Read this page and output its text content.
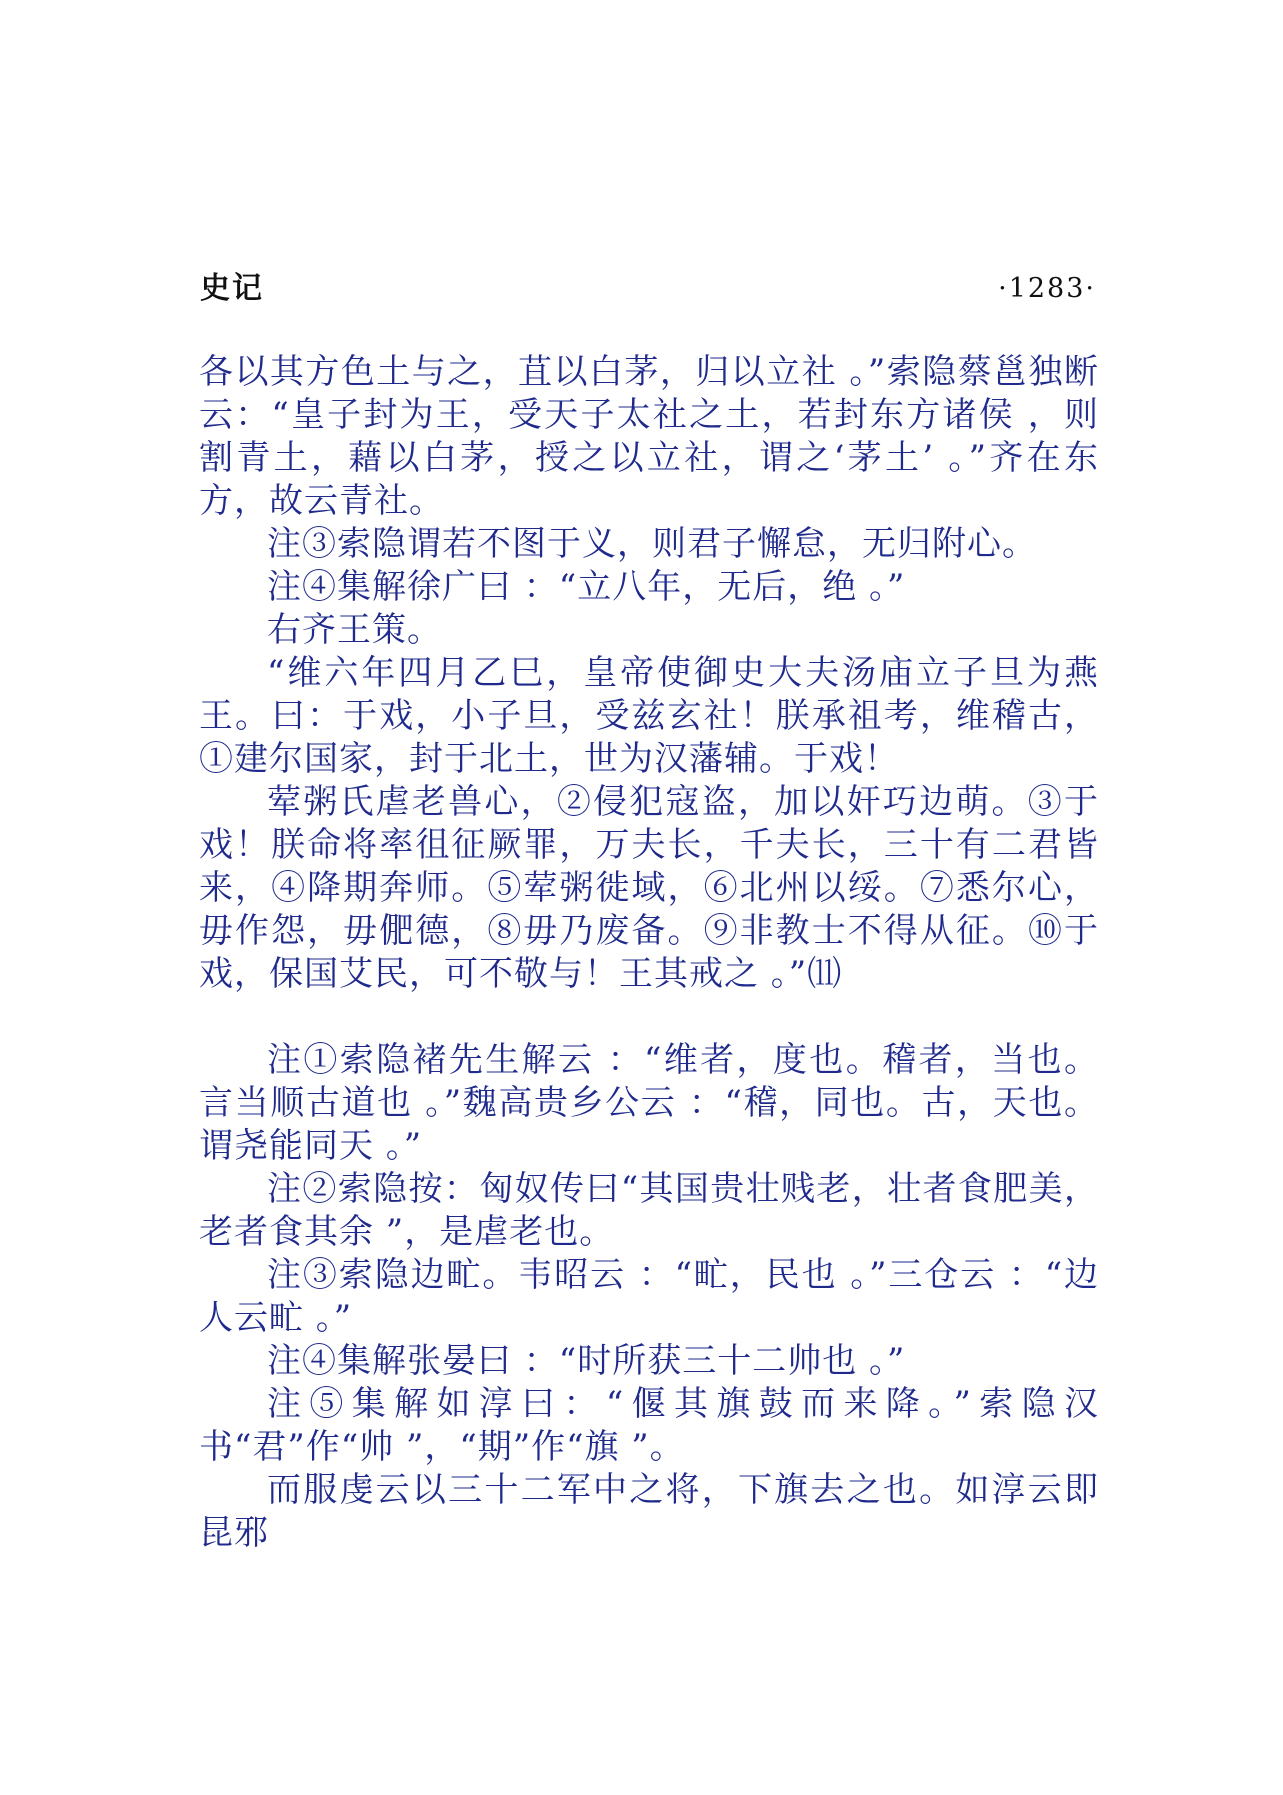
史记	·1283·

各以其方色土与之，苴以白茅，归以立社 。”索隐蔡邕独断云：“皇子封为王，受天子太社之土，若封东方诸侯 ，则割青土，藉以白茅，授之以立社，谓之‘茅土’ 。”齐在东方，故云青社。

注③索隐谓若不图于义，则君子懈怠，无归附心。

注④集解徐广曰 ：“立八年，无后，绝 。”

右齐王策。

“维六年四月乙巳，皇帝使御史大夫汤庙立子旦为燕王。曰：于戏，小子旦，受兹玄社！朕承祖考，维稽古，①建尔国家，封于北土，世为汉藩辅。于戏！

荤粥氏虐老兽心，②侵犯寇盗，加以奸巧边萌。③于戏！朕命将率徂征厥罪，万夫长，千夫长，三十有二君皆来，④降期奔师。⑤荤粥徙域，⑥北州以绥。⑦悉尔心，毋作怨，毋俷德，⑧毋乃废备。⑨非教士不得从征。⑩于戏，保国艾民，可不敬与！王其戒之 。”⑾

注①索隐褚先生解云 ：“维者，度也。稽者，当也。言当顺古道也 。”魏高贵乡公云 ：“稽，同也。古，天也。谓尧能同天 。”

注②索隐按：匈奴传曰“其国贵壮贱老，壮者食肥美，老者食其余 ”，是虐老也。

注③索隐边甿。韦昭云 ：“甿，民也 。”三仓云 ：“边人云甿 。”

注④集解张晏曰 ：“时所获三十二帅也 。”

注⑤集解如淳曰：“偃其旗鼓而来降。”索隐汉书“君”作“帅 ”，“期”作“旗 ”。

而服虔云以三十二军中之将，下旗去之也。如淳云即昆邪
